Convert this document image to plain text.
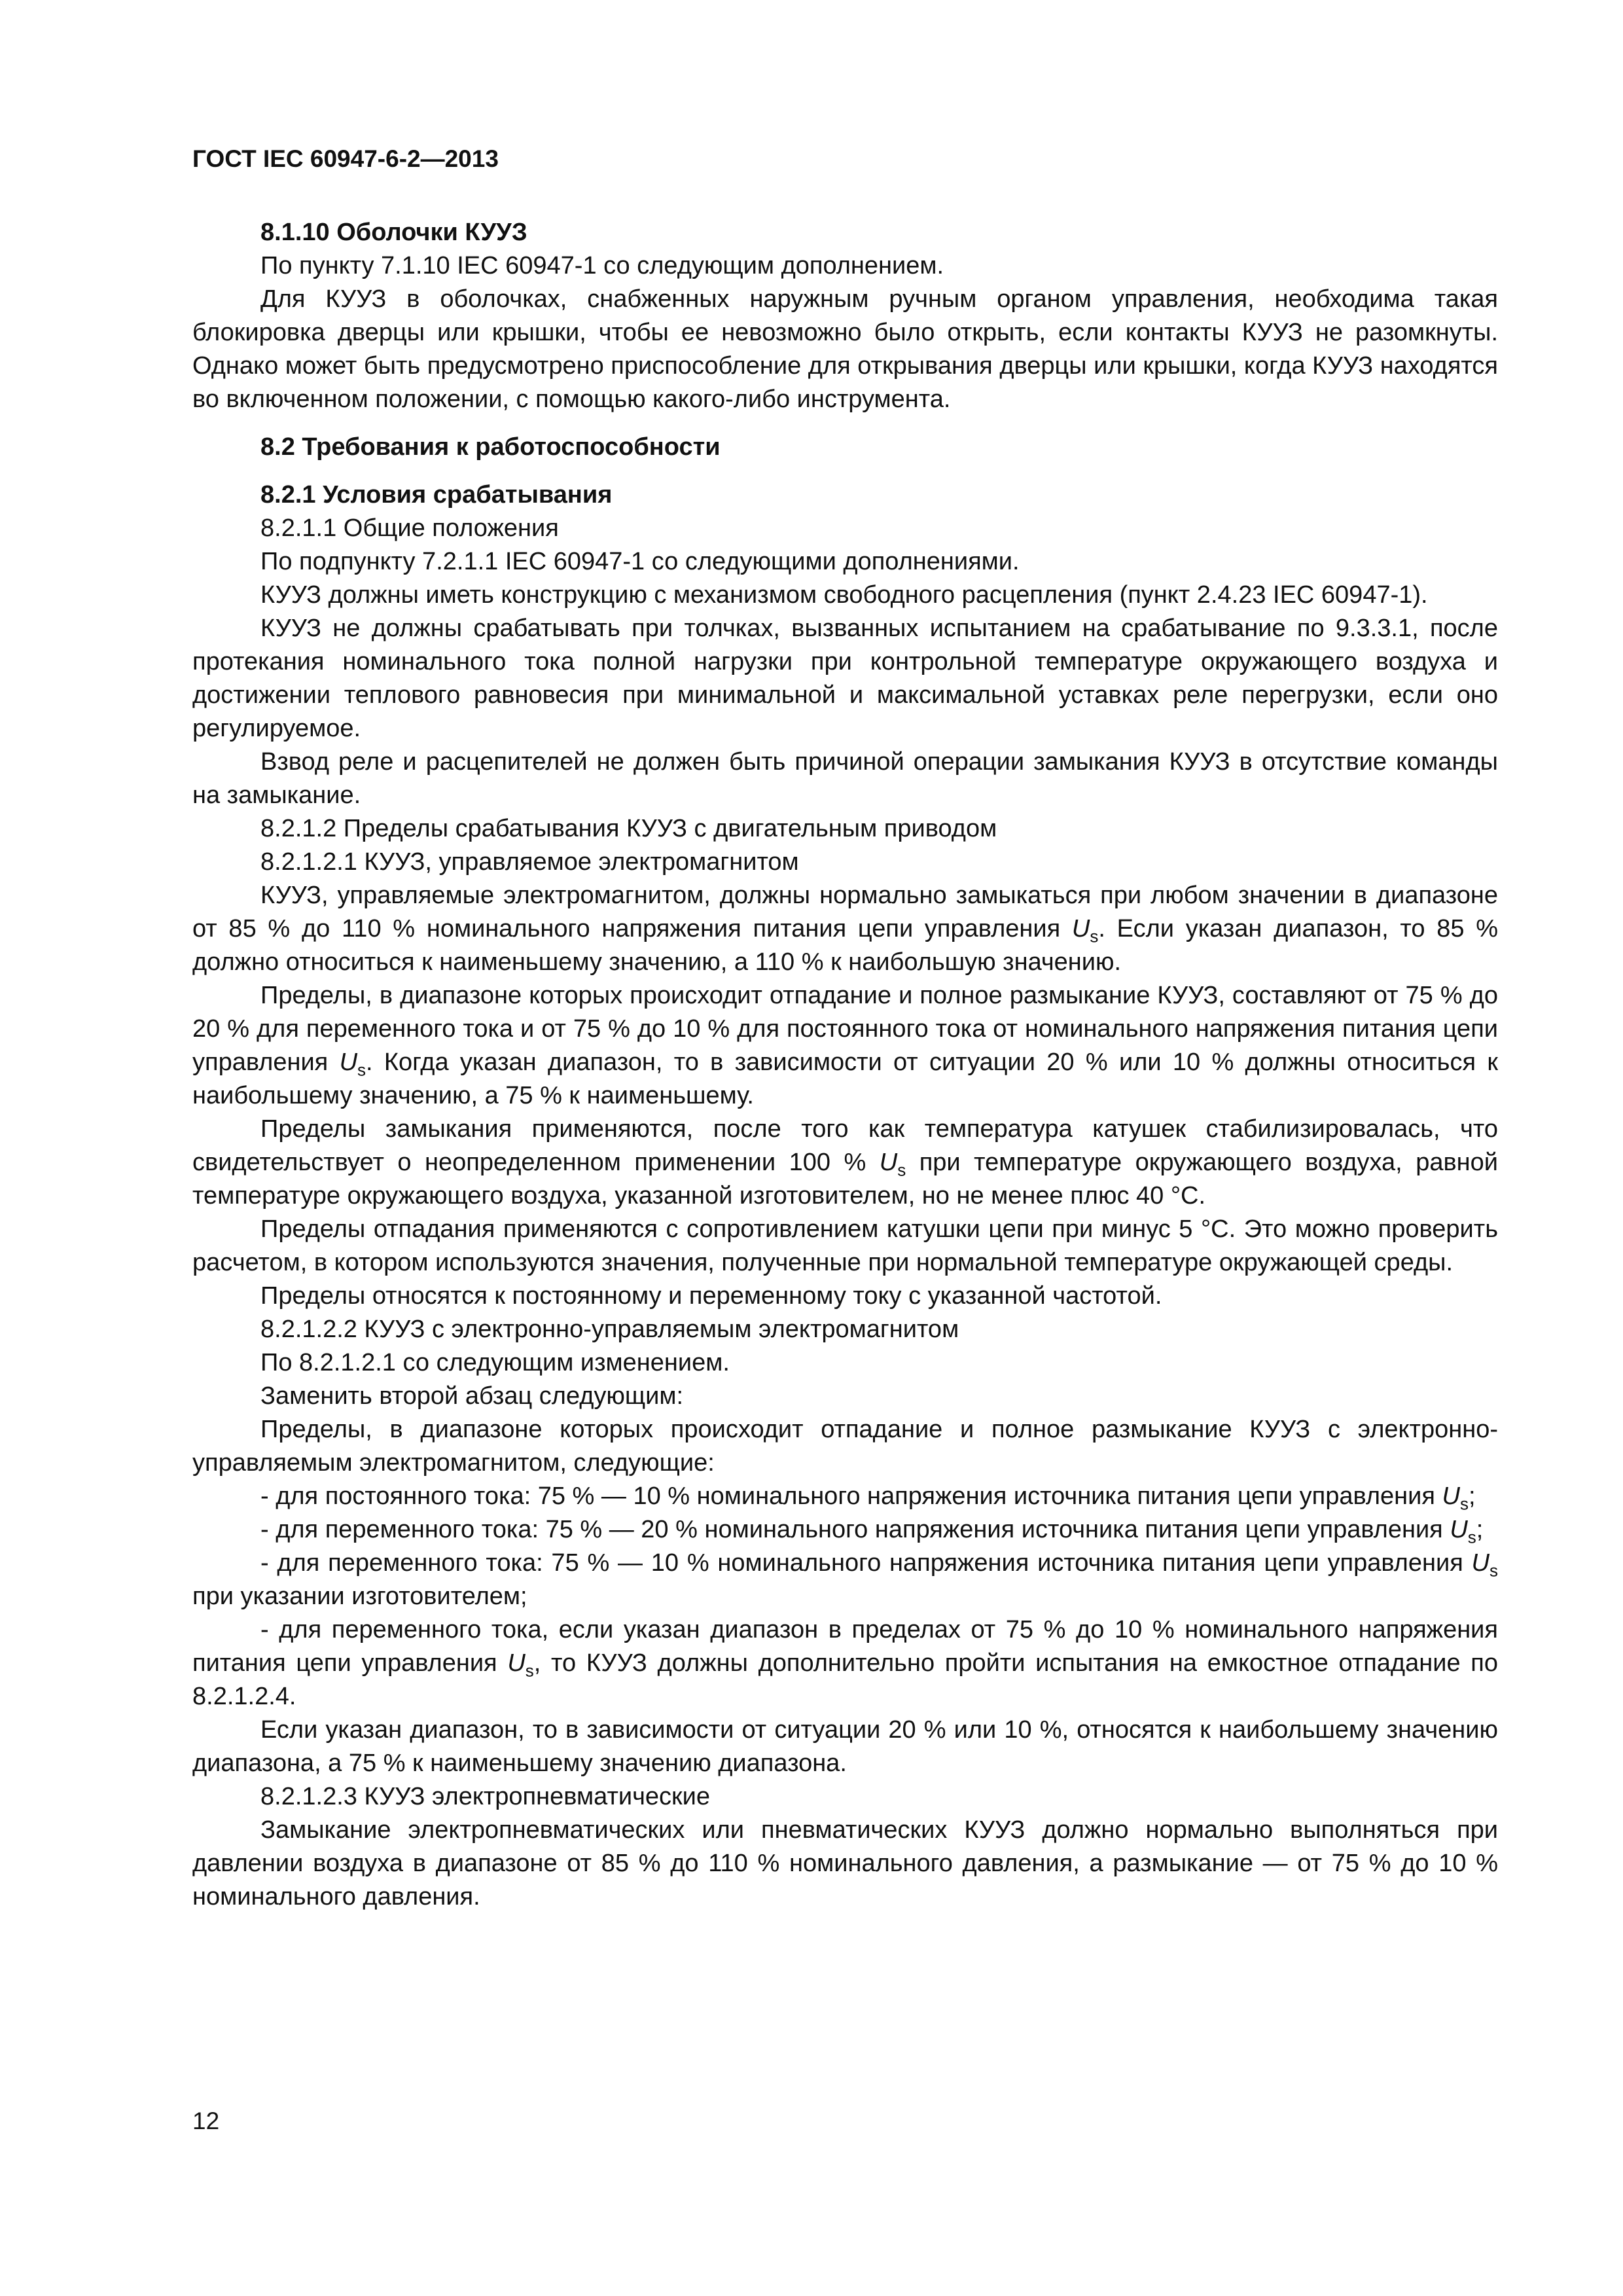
ГОСТ IEC 60947-6-2—2013

8.1.10 Оболочки КУУЗ

По пункту 7.1.10 IEC 60947-1 со следующим дополнением.

Для КУУЗ в оболочках, снабженных наружным ручным органом управления, необходима такая блокировка дверцы или крышки, чтобы ее невозможно было открыть, если контакты КУУЗ не разомкнуты. Однако может быть предусмотрено приспособление для открывания дверцы или крышки, когда КУУЗ находятся во включенном положении, с помощью какого-либо инструмента.

8.2 Требования к работоспособности

8.2.1 Условия срабатывания

8.2.1.1 Общие положения

По подпункту 7.2.1.1 IEC 60947-1 со следующими дополнениями.

КУУЗ должны иметь конструкцию с механизмом свободного расцепления (пункт 2.4.23 IEC 60947-1).

КУУЗ не должны срабатывать при толчках, вызванных испытанием на срабатывание по 9.3.3.1, после протекания номинального тока полной нагрузки при контрольной температуре окружающего воздуха и достижении теплового равновесия при минимальной и максимальной уставках реле перегрузки, если оно регулируемое.

Взвод реле и расцепителей не должен быть причиной операции замыкания КУУЗ в отсутствие команды на замыкание.

8.2.1.2 Пределы срабатывания КУУЗ с двигательным приводом

8.2.1.2.1 КУУЗ, управляемое электромагнитом

КУУЗ, управляемые электромагнитом, должны нормально замыкаться при любом значении в диапазоне от 85 % до 110 % номинального напряжения питания цепи управления $U_s$. Если указан диапазон, то 85 % должно относиться к наименьшему значению, а 110 % к наибольшую значению.

Пределы, в диапазоне которых происходит отпадание и полное размыкание КУУЗ, составляют от 75 % до 20 % для переменного тока и от 75 % до 10 % для постоянного тока от номинального напряжения питания цепи управления $U_s$. Когда указан диапазон, то в зависимости от ситуации 20 % или 10 % должны относиться к наибольшему значению, а 75 % к наименьшему.

Пределы замыкания применяются, после того как температура катушек стабилизировалась, что свидетельствует о неопределенном применении 100 % $U_s$ при температуре окружающего воздуха, равной температуре окружающего воздуха, указанной изготовителем, но не менее плюс 40 °С.

Пределы отпадания применяются с сопротивлением катушки цепи при минус 5 °С. Это можно проверить расчетом, в котором используются значения, полученные при нормальной температуре окружающей среды.

Пределы относятся к постоянному и переменному току с указанной частотой.

8.2.1.2.2 КУУЗ с электронно-управляемым электромагнитом

По 8.2.1.2.1 со следующим изменением.

Заменить второй абзац следующим:

Пределы, в диапазоне которых происходит отпадание и полное размыкание КУУЗ с электронно-управляемым электромагнитом, следующие:

- для постоянного тока: 75 % — 10 % номинального напряжения источника питания цепи управления $U_s$;

- для переменного тока: 75 % — 20 % номинального напряжения источника питания цепи управления $U_s$;

- для переменного тока: 75 % — 10 % номинального напряжения источника питания цепи управления $U_s$ при указании изготовителем;

- для переменного тока, если указан диапазон в пределах от 75 % до 10 % номинального напряжения питания цепи управления $U_s$, то КУУЗ должны дополнительно пройти испытания на емкостное отпадание по 8.2.1.2.4.

Если указан диапазон, то в зависимости от ситуации 20 % или 10 %, относятся к наибольшему значению диапазона, а 75 % к наименьшему значению диапазона.

8.2.1.2.3 КУУЗ электропневматические

Замыкание электропневматических или пневматических КУУЗ должно нормально выполняться при давлении воздуха в диапазоне от 85 % до 110 % номинального давления, а размыкание — от 75 % до 10 % номинального давления.

12
